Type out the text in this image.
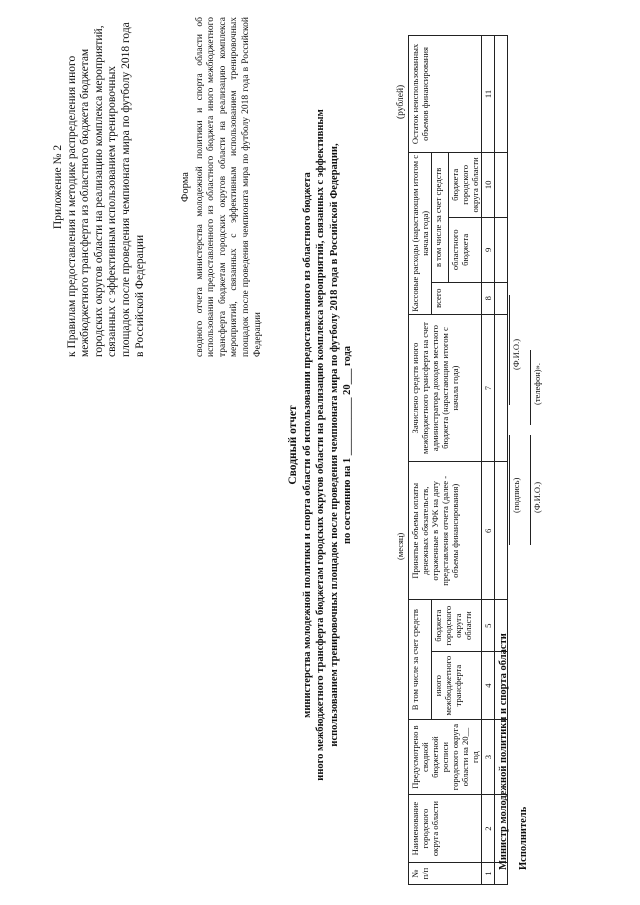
Приложение № 2 к Правилам предоставления и методике распределения иного межбюджетного трансферта из областного бюджета бюджетам городских округов области на реализацию комплекса мероприятий, связанных с эффективным использованием тренировочных площадок после проведения чемпионата мира по футболу 2018 года в Российской Федерации
Форма сводного отчета министерства молодежной политики и спорта области об использовании предоставленного из областного бюджета иного межбюджетного трансферта бюджетам городских округов области на реализацию комплекса мероприятий, связанных с эффективным использованием тренировочных площадок после проведения чемпионата мира по футболу 2018 года в Российской Федерации
Сводный отчет министерства молодежной политики и спорта области об использовании предоставленного из областного бюджета иного межбюджетного трансферта бюджетам городских округов области на реализацию комплекса мероприятий, связанных с эффективным использованием тренировочных площадок после проведения чемпионата мира по футболу 2018 года в Российской Федерации, по состоянию на 1 ___________ 20___ года
(месяц)
(рублей)
№ п/п	Наименование городского округа области	Предусмотрено в сводной бюджетной росписи городского округа области на 20__ год	В том числе за счет средств		Принятые объемы оплаты денежных обязательств, отраженные в УФК на дату представления отчета (далее - объемы финансирования)	Зачислено средств иного межбюджетного трансферта на счет администратора доходов местного бюджета (нарастающим итогом с начала года)	Кассовые расходы (нарастающим итогом с начала года)			Остаток неиспользованных объемов финансирования
			иного межбюджетного трансферта	бюджета городского округа области			всего	в том числе за счет средств		
								областного бюджета	бюджета городского округа области	
1	2	3	4	5	6	7	8	9	10	11

Министр молодежной политики и спорта области
(подпись)
(Ф.И.О.)
Исполнитель
(Ф.И.О.)
(телефон)».
